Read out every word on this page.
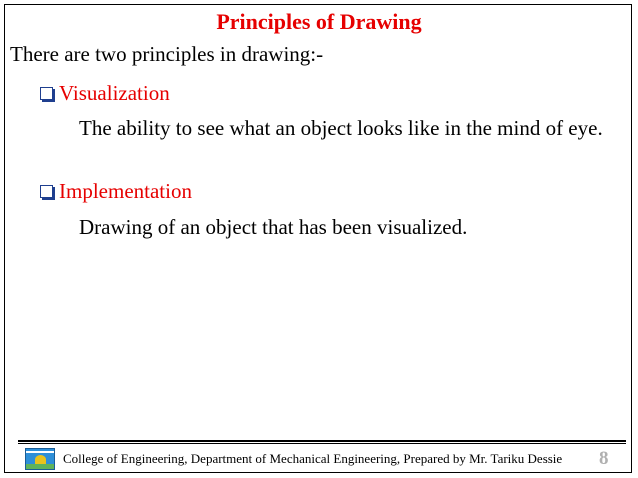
Principles of Drawing
There are two principles in drawing:-
Visualization
The ability to see what an object looks like in the mind of eye.
Implementation
Drawing of an object that has been visualized.
College of Engineering, Department of Mechanical Engineering, Prepared by Mr. Tariku Dessie 8
